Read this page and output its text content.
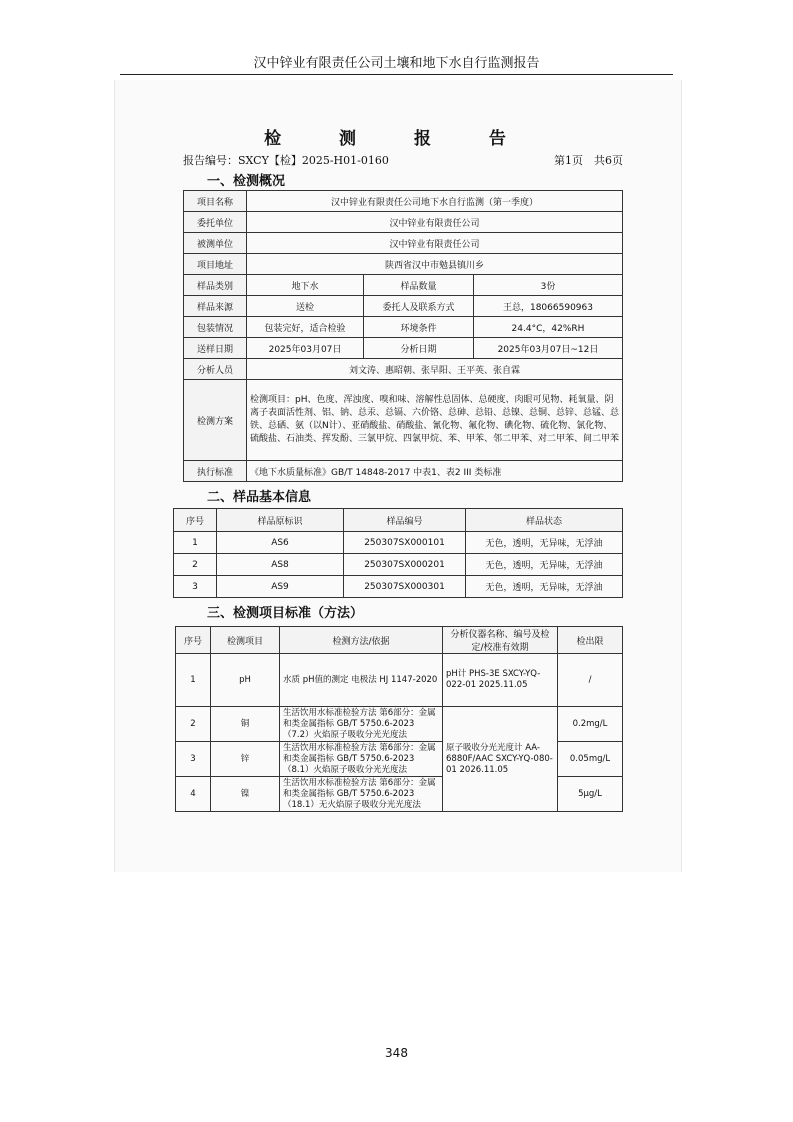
汉中锌业有限责任公司土壤和地下水自行监测报告
检 测 报 告
报告编号：SXCY【检】2025-H01-0160	第1页　共6页
一、检测概况
项目名称	汉中锌业有限责任公司地下水自行监测（第一季度）		
委托单位	汉中锌业有限责任公司		
被测单位	汉中锌业有限责任公司		
项目地址	陕西省汉中市勉县镇川乡		
样品类别	地下水	样品数量	3份
样品来源	送检	委托人及联系方式	王总，18066590963
包装情况	包装完好，适合检验	环境条件	24.4°C，42%RH
送样日期	2025年03月07日	分析日期	2025年03月07日~12日
分析人员	刘文涛、惠昭朝、张早阳、王平英、张自霖		
检测方案	检测项目：pH、色度、浑浊度、嗅和味、溶解性总固体、总硬度、肉眼可见物、耗氧量、阴离子表面活性剂、铝、钠、总汞、总镉、六价铬、总砷、总铅、总镍、总铜、总锌、总锰、总铁、总硒、氨（以N计）、亚硝酸盐、硝酸盐、氰化物、氟化物、碘化物、硫化物、氯化物、硫酸盐、石油类、挥发酚、三氯甲烷、四氯甲烷、苯、甲苯、邻二甲苯、对二甲苯、间二甲苯		
执行标准	《地下水质量标准》GB/T 14848-2017 中表1、表2 III 类标准		
二、样品基本信息
序号	样品原标识	样品编号	样品状态
1	AS6	250307SX000101	无色，透明，无异味，无浮油
2	AS8	250307SX000201	无色，透明，无异味，无浮油
3	AS9	250307SX000301	无色，透明，无异味，无浮油
三、检测项目标准（方法）
序号	检测项目	检测方法/依据	分析仪器名称、编号及检定/校准有效期	检出限
1	pH	水质 pH值的测定 电极法 HJ 1147-2020	pH计 PHS-3E SXCY-YQ-022-01 2025.11.05	/
2	铜	生活饮用水标准检验方法 第6部分：金属和类金属指标 GB/T 5750.6-2023（7.2）火焰原子吸收分光光度法	原子吸收分光光度计 AA-6880F/AAC SXCY-YQ-080-01 2026.11.05	0.2mg/L
3	锌	生活饮用水标准检验方法 第6部分：金属和类金属指标 GB/T 5750.6-2023（8.1）火焰原子吸收分光光度法		0.05mg/L
4	镍	生活饮用水标准检验方法 第6部分：金属和类金属指标 GB/T 5750.6-2023（18.1）无火焰原子吸收分光光度法		5μg/L
348
